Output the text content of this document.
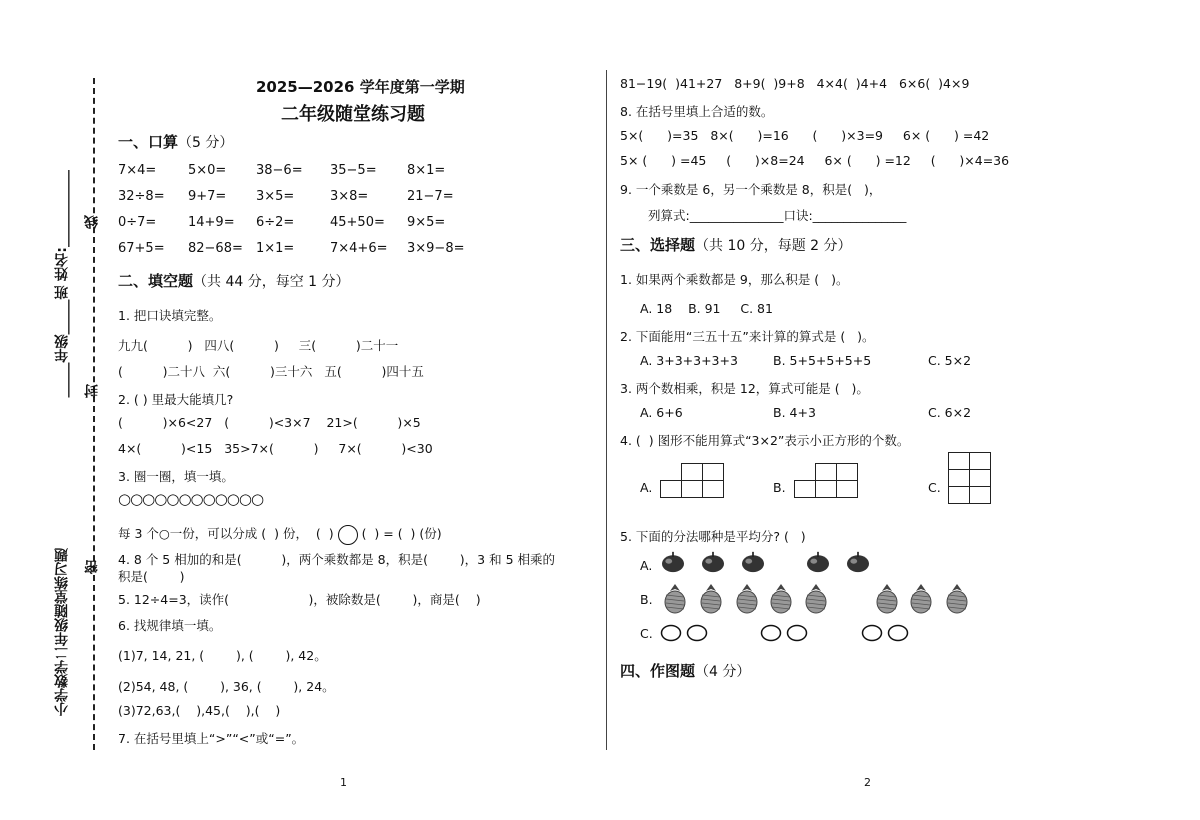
_____年级_____班 姓名:___________ 线
封
密
小学数学二年级随堂练习题
2025—2026 学年度第一学期
二年级随堂练习题
一、口算（5 分）
7×4= 5×0= 38−6= 35−5= 8×1=
32÷8= 9+7= 3×5=	3×8=	21−7=
0÷7= 14+9= 6÷2=	45+50= 9×5=
67+5= 82−68= 1×1=	7×4+6= 3×9−8=
二、填空题（共 44 分，每空 1 分）
1. 把口诀填完整。
九九(          )   四八(          )     三(          )二十一
(          )二十八  六(          )三十六   五(          )四十五
2. ( ) 里最大能填几?
(          )×6<27   (          )<3×7    21>(          )×5
4×(          )<15   35>7×(          )     7×(          )<30
3. 圈一圈，填一填。
○○○○○○○○○○○○
每 3 个○一份，可以分成 (  ) 份，  (  ) (  ) = (  ) (份)
4. 8 个 5 相加的和是(          )，两个乘数都是 8，积是(        )，3 和 5 相乘的
积是(        )
5. 12÷4=3，读作(                    )，被除数是(        )，商是(    )
6. 找规律填一填。
(1)7, 14, 21, (        ), (        ), 42。
(2)54, 48, (        ), 36, (        ), 24。
(3)72,63,(    ),45,(    ),(    )
7. 在括号里填上“>”“<”或“=”。
81−19(  )41+27   8+9(  )9+8   4×4(  )4+4   6×6(  )4×9
8. 在括号里填上合适的数。
5×(      )=35   8×(      )=16      (      )×3=9     6× (      ) =42
5× (      ) =45     (      )×8=24     6× (      ) =12     (      )×4=36
9. 一个乘数是 6，另一个乘数是 8，积是(   )，
列算式:_______________口诀:_______________
三、选择题（共 10 分，每题 2 分）
1. 如果两个乘数都是 9，那么积是 (   )。
A. 18    B. 91     C. 81
2. 下面能用“三五十五”来计算的算式是 (   )。
A. 3+3+3+3+3	B. 5+5+5+5+5	C. 5×2
3. 两个数相乘，积是 12，算式可能是 (   )。
A. 6+6	B. 4+3	C. 6×2
4. (  ) 图形不能用算式“3×2”表示小正方形的个数。
A.

			B.

			C.

5. 下面的分法哪种是平均分? (   )
A.
B.
C.
四、作图题（4 分）
1	2
